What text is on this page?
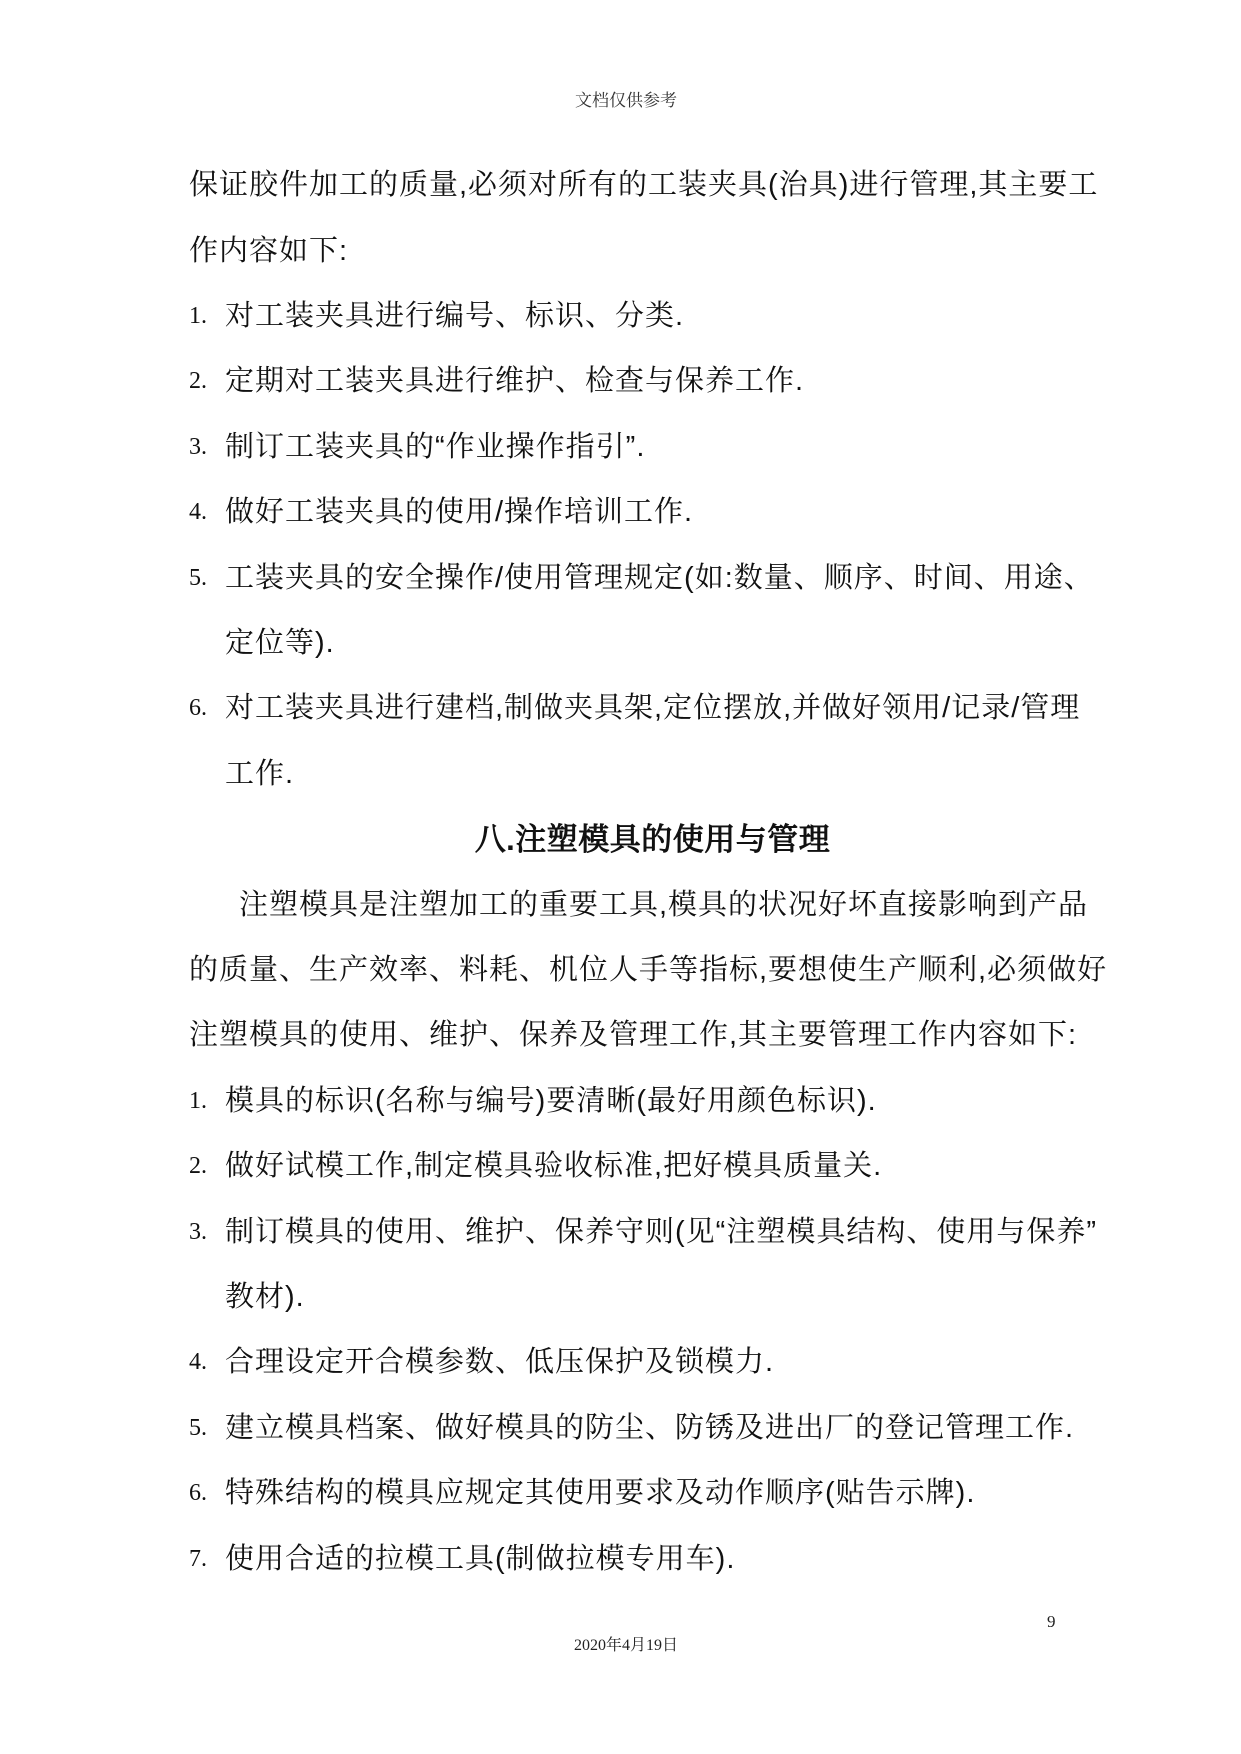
文档仅供参考
保证胶件加工的质量,必须对所有的工装夹具(治具)进行管理,其主要工
作内容如下:
1. 对工装夹具进行编号、标识、分类.
2. 定期对工装夹具进行维护、检查与保养工作.
3. 制订工装夹具的“作业操作指引”.
4. 做好工装夹具的使用/操作培训工作.
5. 工装夹具的安全操作/使用管理规定(如:数量、顺序、时间、用途、
定位等).
6. 对工装夹具进行建档,制做夹具架,定位摆放,并做好领用/记录/管理
工作.
八.注塑模具的使用与管理
注塑模具是注塑加工的重要工具,模具的状况好坏直接影响到产品
的质量、生产效率、料耗、机位人手等指标,要想使生产顺利,必须做好
注塑模具的使用、维护、保养及管理工作,其主要管理工作内容如下:
1. 模具的标识(名称与编号)要清晰(最好用颜色标识).
2. 做好试模工作,制定模具验收标准,把好模具质量关.
3. 制订模具的使用、维护、保养守则(见“注塑模具结构、使用与保养”
教材).
4. 合理设定开合模参数、低压保护及锁模力.
5. 建立模具档案、做好模具的防尘、防锈及进出厂的登记管理工作.
6. 特殊结构的模具应规定其使用要求及动作顺序(贴告示牌).
7. 使用合适的拉模工具(制做拉模专用车).
9
2020年4月19日
